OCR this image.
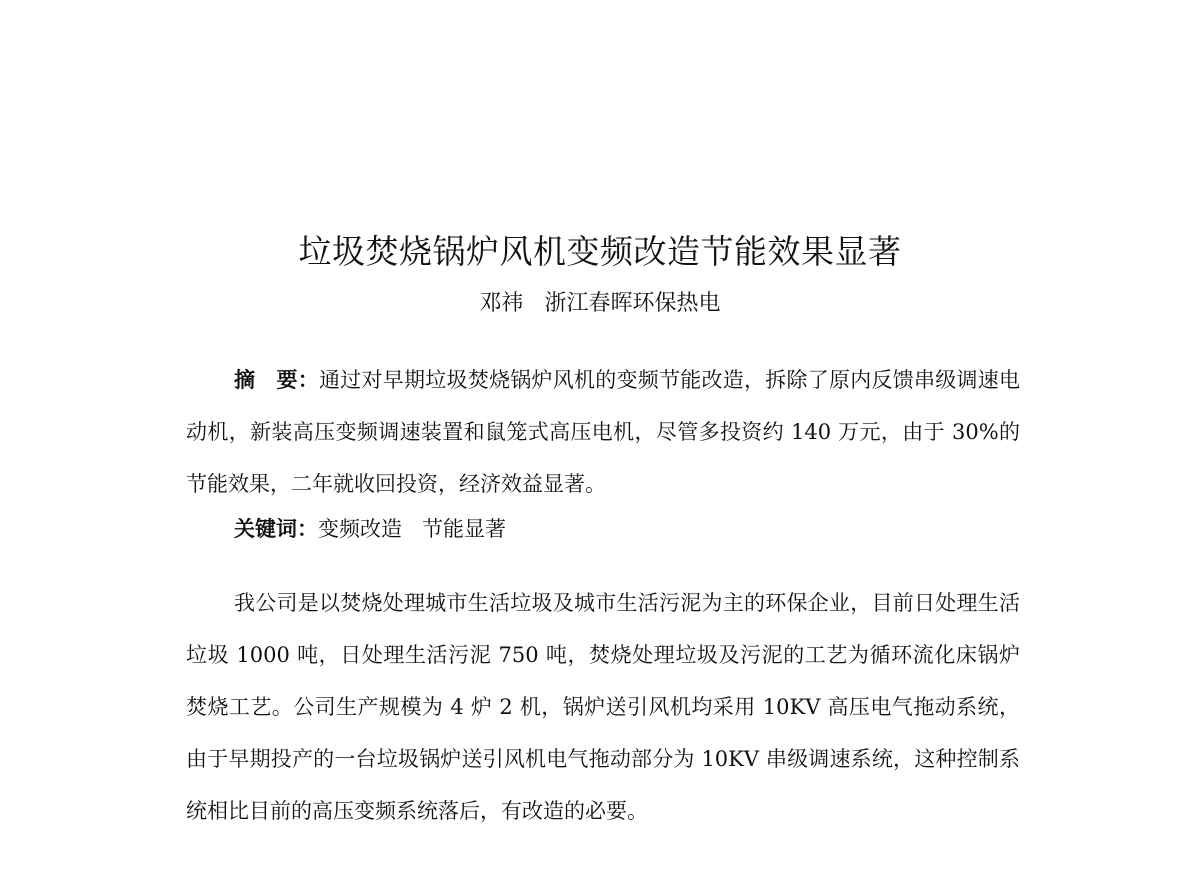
垃圾焚烧锅炉风机变频改造节能效果显著
邓祎   浙江春晖环保热电

摘　要：通过对早期垃圾焚烧锅炉风机的变频节能改造，拆除了原内反馈串级调速电动机，新装高压变频调速装置和鼠笼式高压电机，尽管多投资约 140 万元，由于 30%的节能效果，二年就收回投资，经济效益显著。

关键词：变频改造 节能显著

我公司是以焚烧处理城市生活垃圾及城市生活污泥为主的环保企业，目前日处理生活垃圾 1000 吨，日处理生活污泥 750 吨，焚烧处理垃圾及污泥的工艺为循环流化床锅炉焚烧工艺。公司生产规模为 4 炉 2 机，锅炉送引风机均采用 10KV 高压电气拖动系统，由于早期投产的一台垃圾锅炉送引风机电气拖动部分为 10KV 串级调速系统，这种控制系统相比目前的高压变频系统落后，有改造的必要。
